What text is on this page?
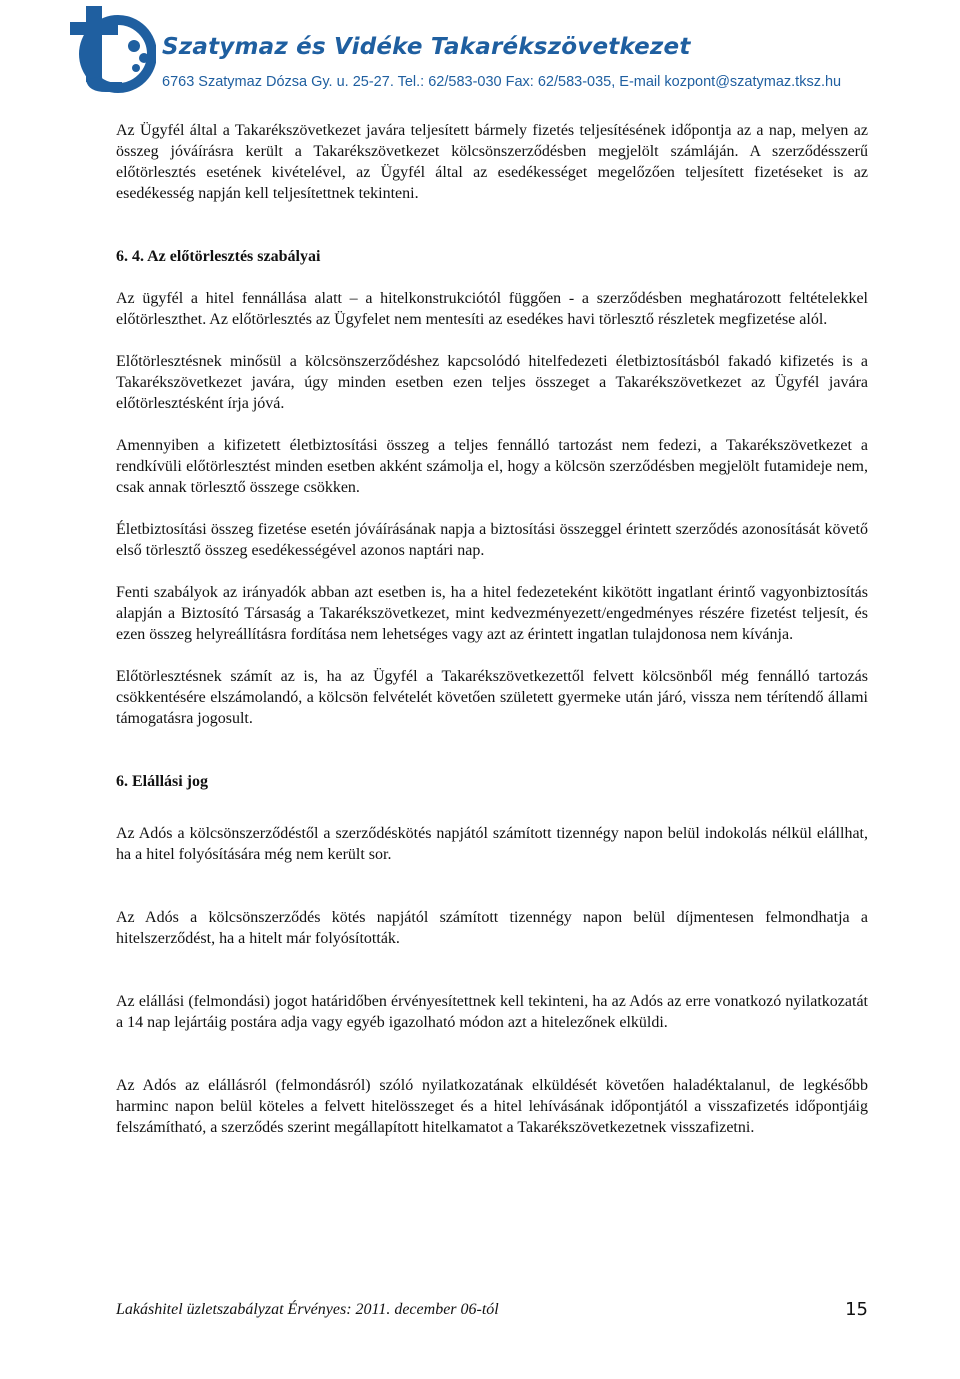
Szatymaz és Vidéke Takarékszövetkezet
6763 Szatymaz Dózsa Gy. u. 25-27. Tel.: 62/583-030 Fax: 62/583-035, E-mail kozpont@szatymaz.tksz.hu

Az Ügyfél által a Takarékszövetkezet javára teljesített bármely fizetés teljesítésének időpontja az a nap, melyen az összeg jóváírásra került a Takarékszövetkezet kölcsönszerződésben megjelölt számláján. A szerződésszerű előtörlesztés esetének kivételével, az Ügyfél által az esedékességet megelőzően teljesített fizetéseket is az esedékesség napján kell teljesítettnek tekinteni.

6. 4. Az előtörlesztés szabályai

Az ügyfél a hitel fennállása alatt – a hitelkonstrukciótól függően - a szerződésben meghatározott feltételekkel előtörleszthet. Az előtörlesztés az Ügyfelet nem mentesíti az esedékes havi törlesztő részletek megfizetése alól.

Előtörlesztésnek minősül a kölcsönszerződéshez kapcsolódó hitelfedezeti életbiztosításból fakadó kifizetés is a Takarékszövetkezet javára, úgy minden esetben ezen teljes összeget a Takarékszövetkezet az Ügyfél javára előtörlesztésként írja jóvá.

Amennyiben a kifizetett életbiztosítási összeg a teljes fennálló tartozást nem fedezi, a Takarékszövetkezet a rendkívüli előtörlesztést minden esetben akként számolja el, hogy a kölcsön szerződésben megjelölt futamideje nem, csak annak törlesztő összege csökken.

Életbiztosítási összeg fizetése esetén jóváírásának napja a biztosítási összeggel érintett szerződés azonosítását követő első törlesztő összeg esedékességével azonos naptári nap.

Fenti szabályok az irányadók abban azt esetben is, ha a hitel fedezeteként kikötött ingatlant érintő vagyonbiztosítás alapján a Biztosító Társaság a Takarékszövetkezet, mint kedvezményezett/engedményes részére fizetést teljesít, és ezen összeg helyreállításra fordítása nem lehetséges vagy azt az érintett ingatlan tulajdonosa nem kívánja.

Előtörlesztésnek számít az is, ha az Ügyfél a Takarékszövetkezettől felvett kölcsönből még fennálló tartozás csökkentésére elszámolandó, a kölcsön felvételét követően született gyermeke után járó, vissza nem térítendő állami támogatásra jogosult.

6. Elállási jog

Az Adós a kölcsönszerződéstől a szerződéskötés napjától számított tizennégy napon belül indokolás nélkül elállhat, ha a hitel folyósítására még nem került sor.

Az Adós a kölcsönszerződés kötés napjától számított tizennégy napon belül díjmentesen felmondhatja a hitelszerződést, ha a hitelt már folyósították.

Az elállási (felmondási) jogot határidőben érvényesítettnek kell tekinteni, ha az Adós az erre vonatkozó nyilatkozatát a 14 nap lejártáig postára adja vagy egyéb igazolható módon azt a hitelezőnek elküldi.

Az Adós az elállásról (felmondásról) szóló nyilatkozatának elküldését követően haladéktalanul, de legkésőbb harminc napon belül köteles a felvett hitelösszeget és a hitel lehívásának időpontjától a visszafizetés időpontjáig felszámítható, a szerződés szerint megállapított hitelkamatot a Takarékszövetkezetnek visszafizetni.

Lakáshitel üzletszabályzat Érvényes: 2011. december 06-tól	15
